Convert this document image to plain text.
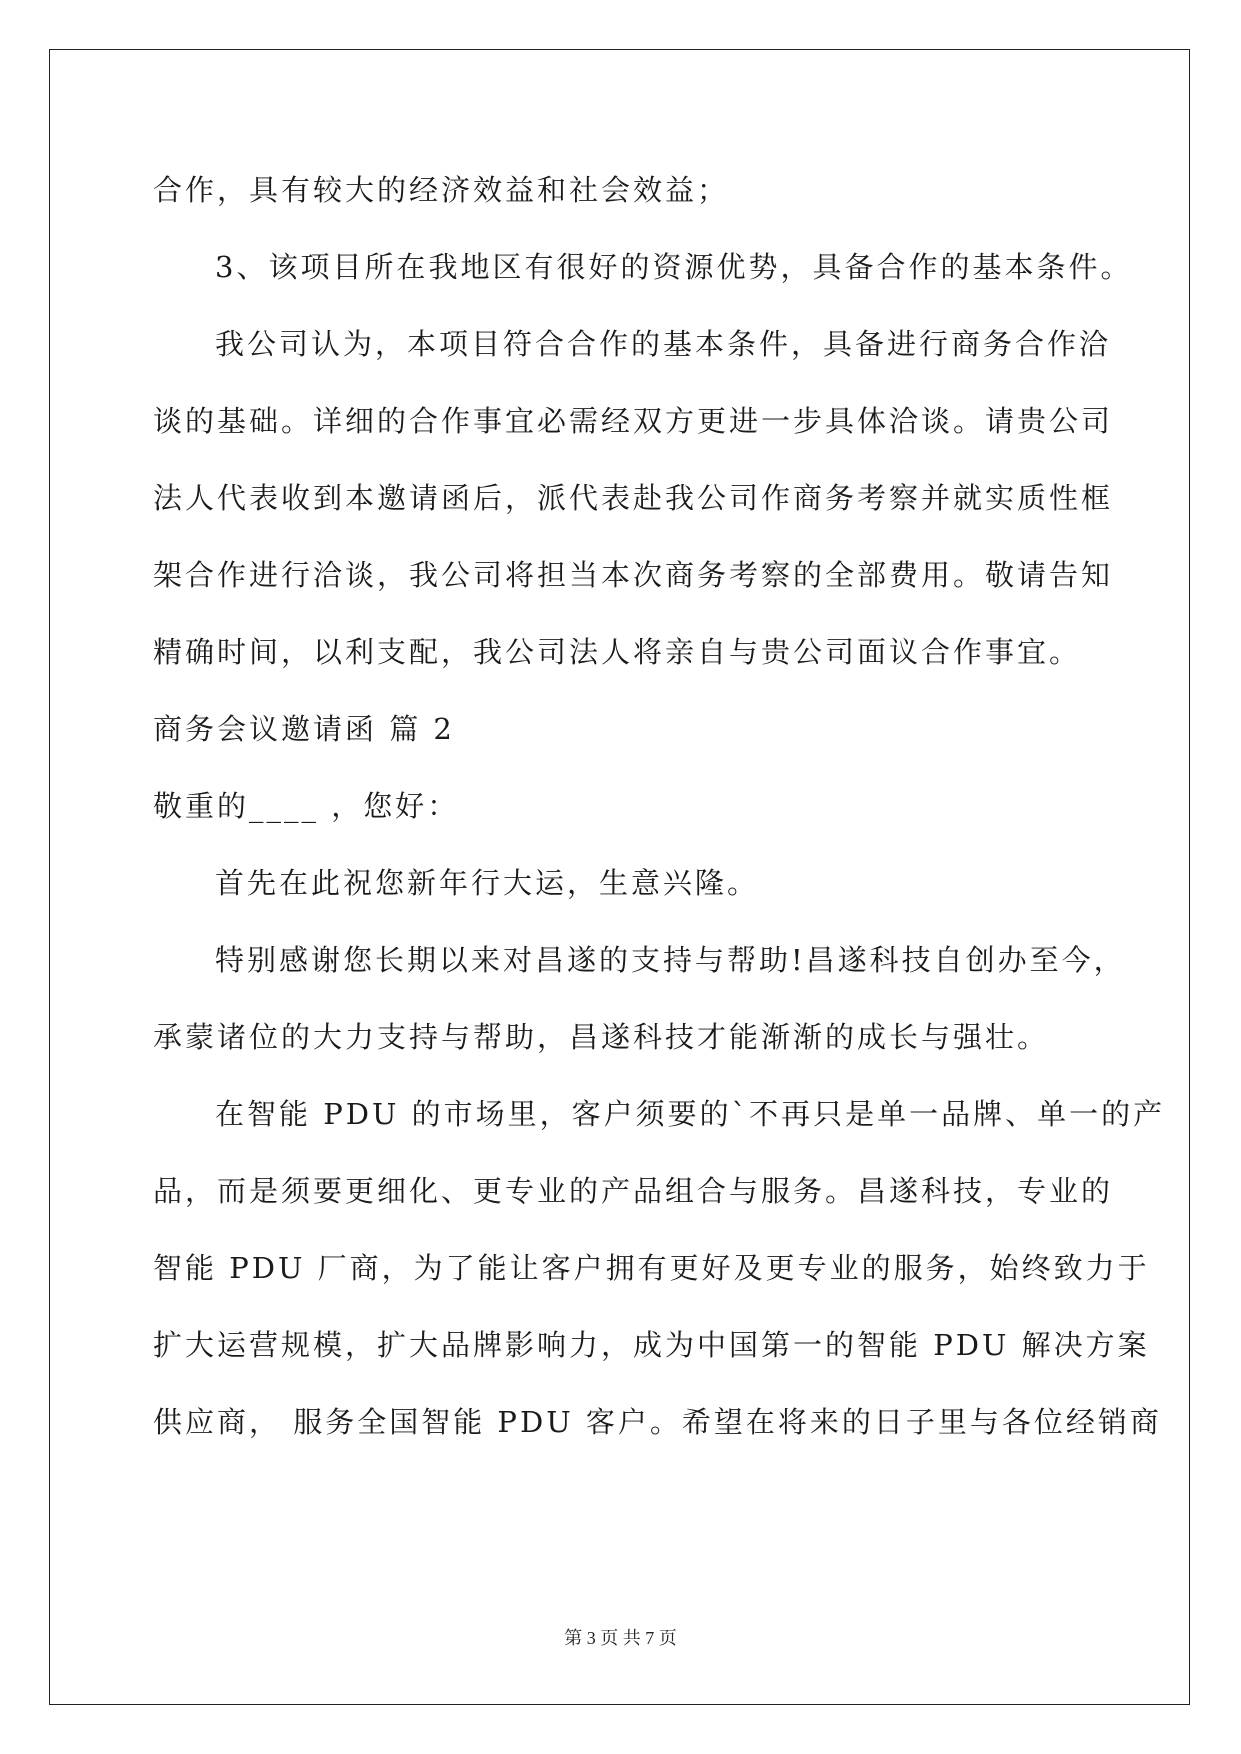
合作，具有较大的经济效益和社会效益；
3、该项目所在我地区有很好的资源优势，具备合作的基本条件。
我公司认为，本项目符合合作的基本条件，具备进行商务合作洽
谈的基础。详细的合作事宜必需经双方更进一步具体洽谈。请贵公司
法人代表收到本邀请函后，派代表赴我公司作商务考察并就实质性框
架合作进行洽谈，我公司将担当本次商务考察的全部费用。敬请告知
精确时间，以利支配，我公司法人将亲自与贵公司面议合作事宜。
商务会议邀请函 篇 2
敬重的____ ，您好：
首先在此祝您新年行大运，生意兴隆。
特别感谢您长期以来对昌遂的支持与帮助!昌遂科技自创办至今，
承蒙诸位的大力支持与帮助，昌遂科技才能渐渐的成长与强壮。
在智能 PDU 的市场里，客户须要的`不再只是单一品牌、单一的产
品，而是须要更细化、更专业的产品组合与服务。昌遂科技，专业的
智能 PDU 厂商，为了能让客户拥有更好及更专业的服务，始终致力于
扩大运营规模，扩大品牌影响力，成为中国第一的智能 PDU 解决方案
供应商， 服务全国智能 PDU 客户。希望在将来的日子里与各位经销商
第 3 页 共 7 页
